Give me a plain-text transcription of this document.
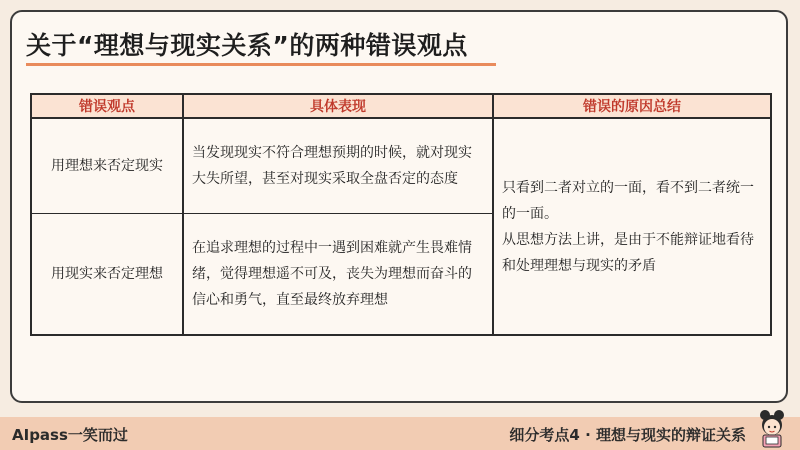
关于“理想与现实关系”的两种错误观点
错误观点	具体表现	错误的原因总结
用理想来否定现实	当发现现实不符合理想预期的时候，就对现实大失所望，甚至对现实采取全盘否定的态度	只看到二者对立的一面，看不到二者统一的一面。
从思想方法上讲，是由于不能辩证地看待和处理理想与现实的矛盾

用现实来否定理想	在追求理想的过程中一遇到困难就产生畏难情绪，觉得理想遥不可及，丧失为理想而奋斗的信心和勇气，直至最终放弃理想	
AIpass一笑而过	细分考点4 · 理想与现实的辩证关系
